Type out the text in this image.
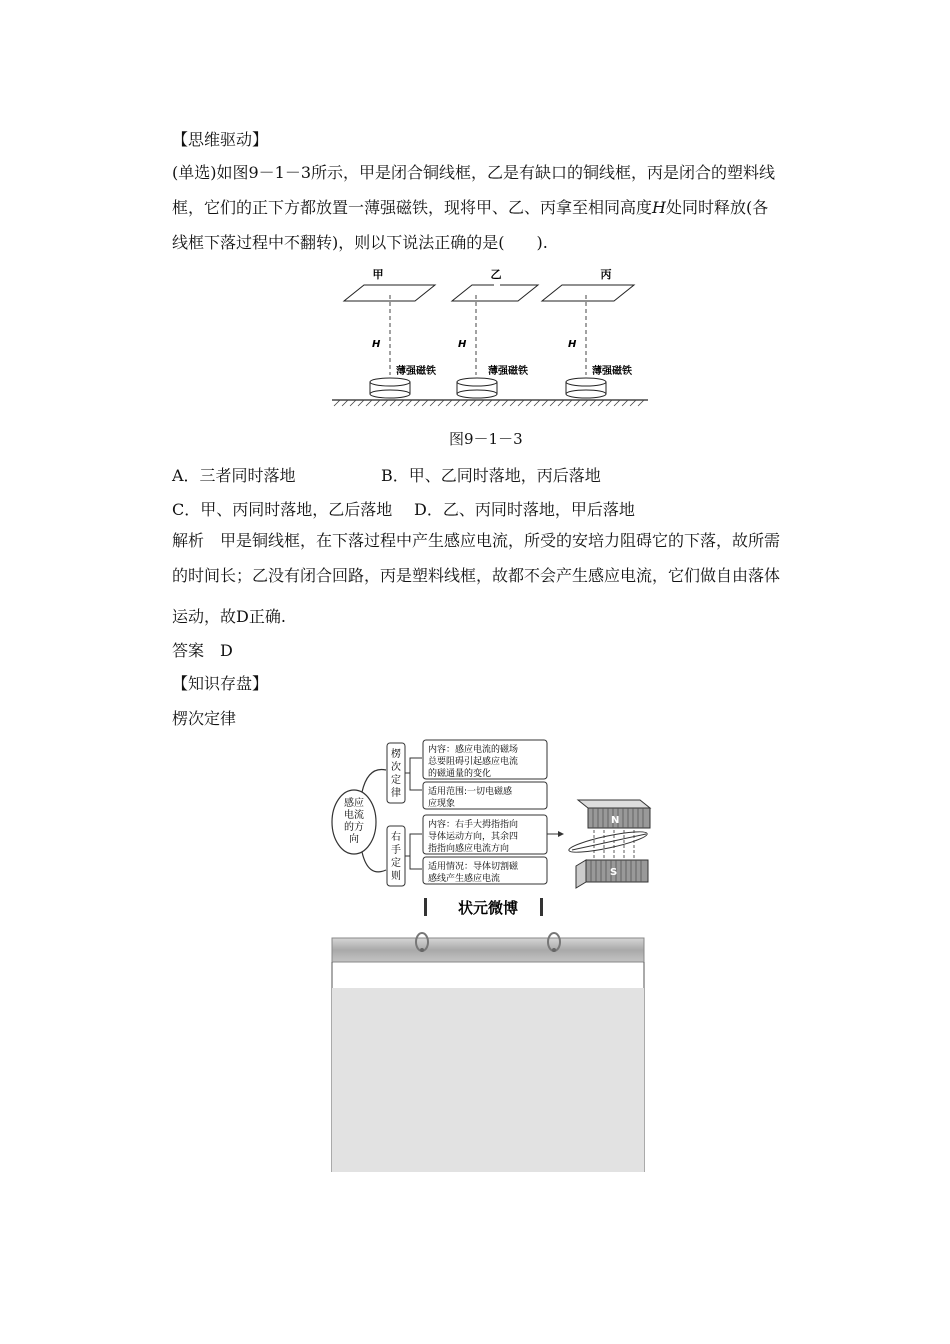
【思维驱动】
(单选)如图9－1－3所示，甲是闭合铜线框，乙是有缺口的铜线框，丙是闭合的塑料线
框，它们的正下方都放置一薄强磁铁，现将甲、乙、丙拿至相同高度H处同时释放(各
线框下落过程中不翻转)，则以下说法正确的是(　　).
甲	乙	丙
H	H	H
薄强磁铁	薄强磁铁	薄强磁铁
图9－1－3
A．三者同时落地	B．甲、乙同时落地，丙后落地
C．甲、丙同时落地，乙后落地 D．乙、丙同时落地，甲后落地
解析　甲是铜线框，在下落过程中产生感应电流，所受的安培力阻碍它的下落，故所需
的时间长；乙没有闭合回路，丙是塑料线框，故都不会产生感应电流，它们做自由落体
运动，故D正确.
答案　D
【知识存盘】
楞次定律
感应
电流
的方
向
楞
次
定
律
右
手
定
则
内容：感应电流的磁场
总要阻碍引起感应电流
的磁通量的变化
适用范围:一切电磁感
应现象
内容：右手大拇指指向
导体运动方向，其余四
指指向感应电流方向
适用情况：导体切割磁
感线产生感应电流
N
S
状元微博
